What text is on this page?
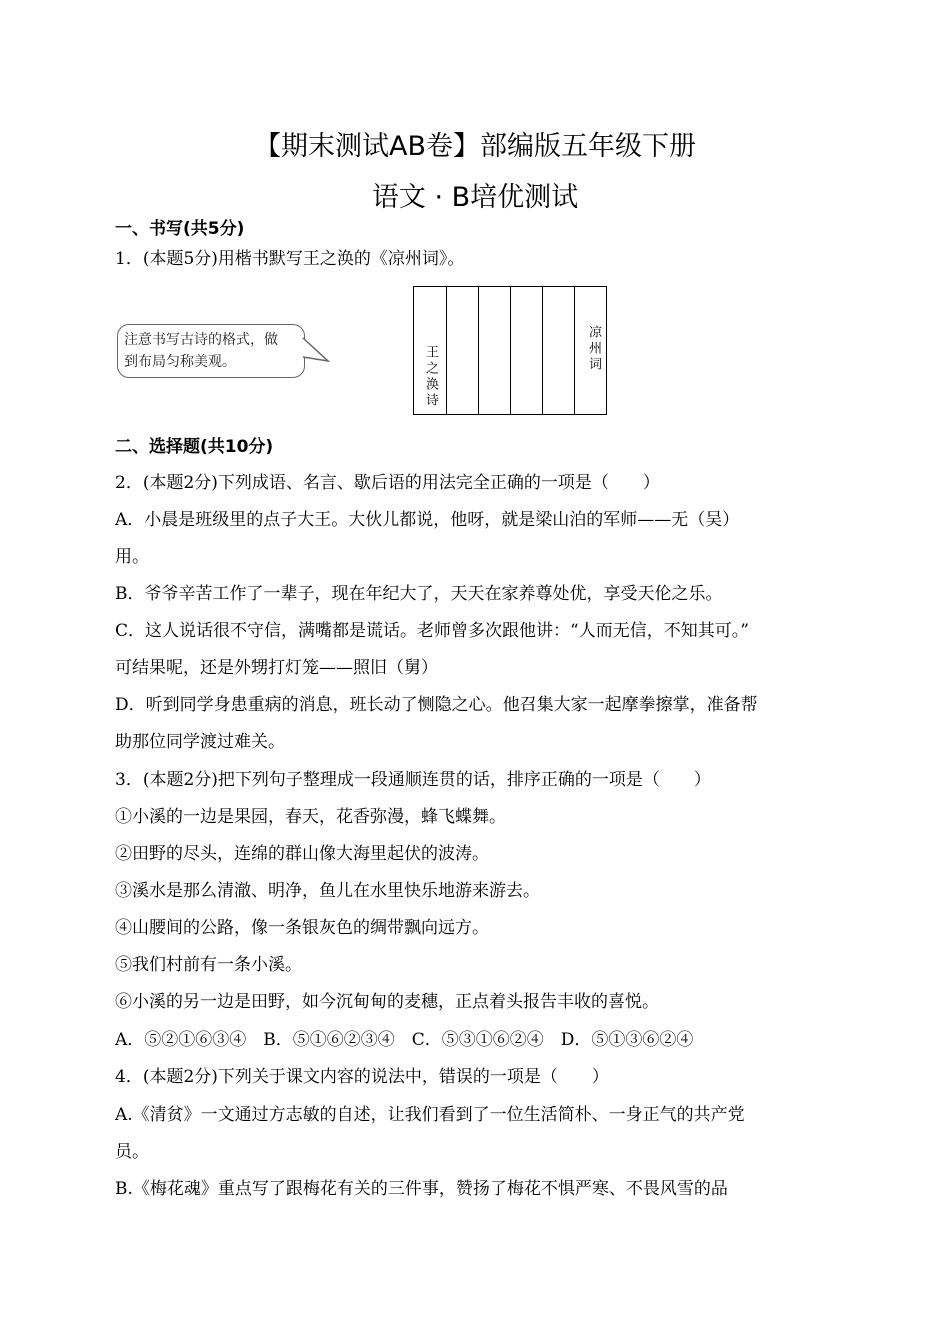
【期末测试AB卷】部编版五年级下册
语文 · B培优测试
一、书写(共5分)
1．(本题5分)用楷书默写王之涣的《凉州词》。
注意书写古诗的格式，做
到布局匀称美观。	凉州词
王之涣诗
二、选择题(共10分)
2．(本题2分)下列成语、名言、歇后语的用法完全正确的一项是（　　）
A．小晨是班级里的点子大王。大伙儿都说，他呀，就是梁山泊的军师——无（吴）
用。
B．爷爷辛苦工作了一辈子，现在年纪大了，天天在家养尊处优，享受天伦之乐。
C．这人说话很不守信，满嘴都是谎话。老师曾多次跟他讲：“人而无信，不知其可。”
可结果呢，还是外甥打灯笼——照旧（舅）
D．听到同学身患重病的消息，班长动了恻隐之心。他召集大家一起摩拳擦掌，准备帮
助那位同学渡过难关。
3．(本题2分)把下列句子整理成一段通顺连贯的话，排序正确的一项是（　　）
①小溪的一边是果园，春天，花香弥漫，蜂飞蝶舞。
②田野的尽头，连绵的群山像大海里起伏的波涛。
③溪水是那么清澈、明净，鱼儿在水里快乐地游来游去。
④山腰间的公路，像一条银灰色的绸带飘向远方。
⑤我们村前有一条小溪。
⑥小溪的另一边是田野，如今沉甸甸的麦穗，正点着头报告丰收的喜悦。
A．⑤②①⑥③④　B．⑤①⑥②③④　C．⑤③①⑥②④　D．⑤①③⑥②④
4．(本题2分)下列关于课文内容的说法中，错误的一项是（　　）
A.《清贫》一文通过方志敏的自述，让我们看到了一位生活简朴、一身正气的共产党
员。
B.《梅花魂》重点写了跟梅花有关的三件事，赞扬了梅花不惧严寒、不畏风雪的品
